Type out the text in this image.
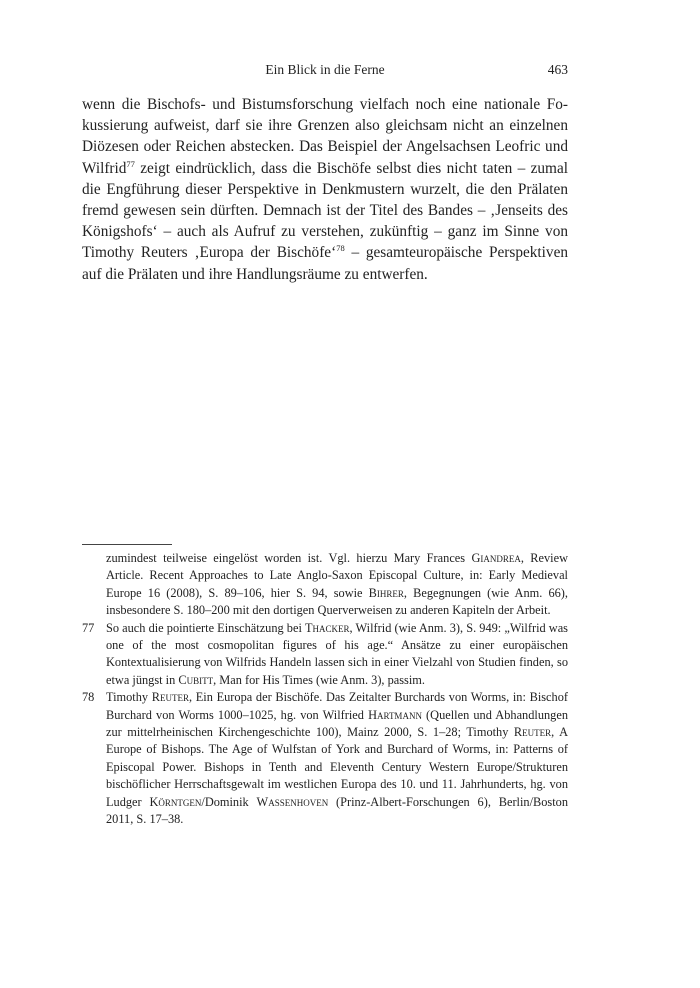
Ein Blick in die Ferne	463

wenn die Bischofs- und Bistumsforschung vielfach noch eine nationale Fokussierung aufweist, darf sie ihre Grenzen also gleichsam nicht an einzelnen Diözesen oder Reichen abstecken. Das Beispiel der Angelsachsen Leofric und Wilfrid$^{77}$ zeigt eindrücklich, dass die Bischöfe selbst dies nicht taten – zumal die Engführung dieser Perspektive in Denkmustern wurzelt, die den Prälaten fremd gewesen sein dürften. Demnach ist der Titel des Bandes – ‚Jenseits des Königshofs‘ – auch als Aufruf zu verstehen, zukünftig – ganz im Sinne von Timothy Reuters ‚Europa der Bischöfe‘$^{78}$ – gesamteuropäische Perspektiven auf die Prälaten und ihre Handlungsräume zu entwerfen.

zumindest teilweise eingelöst worden ist. Vgl. hierzu Mary Frances Giandrea, Review Article. Recent Approaches to Late Anglo-Saxon Episcopal Culture, in: Early Medieval Europe 16 (2008), S. 89–106, hier S. 94, sowie Bihrer, Begegnungen (wie Anm. 66), insbesondere S. 180–200 mit den dortigen Querverweisen zu anderen Kapiteln der Arbeit.

77 So auch die pointierte Einschätzung bei Thacker, Wilfrid (wie Anm. 3), S. 949: „Wilfrid was one of the most cosmopolitan figures of his age.“ Ansätze zu einer europäischen Kontextualisierung von Wilfrids Handeln lassen sich in einer Vielzahl von Studien finden, so etwa jüngst in Cubitt, Man for His Times (wie Anm. 3), passim.

78 Timothy Reuter, Ein Europa der Bischöfe. Das Zeitalter Burchards von Worms, in: Bischof Burchard von Worms 1000–1025, hg. von Wilfried Hartmann (Quellen und Abhandlungen zur mittelrheinischen Kirchengeschichte 100), Mainz 2000, S. 1–28; Timothy Reuter, A Europe of Bishops. The Age of Wulfstan of York and Burchard of Worms, in: Patterns of Episcopal Power. Bishops in Tenth and Eleventh Century Western Europe/Strukturen bischöflicher Herrschaftsgewalt im westlichen Europa des 10. und 11. Jahrhunderts, hg. von Ludger Körntgen/Dominik Wassenhoven (Prinz-Albert-Forschungen 6), Berlin/Boston 2011, S. 17–38.
